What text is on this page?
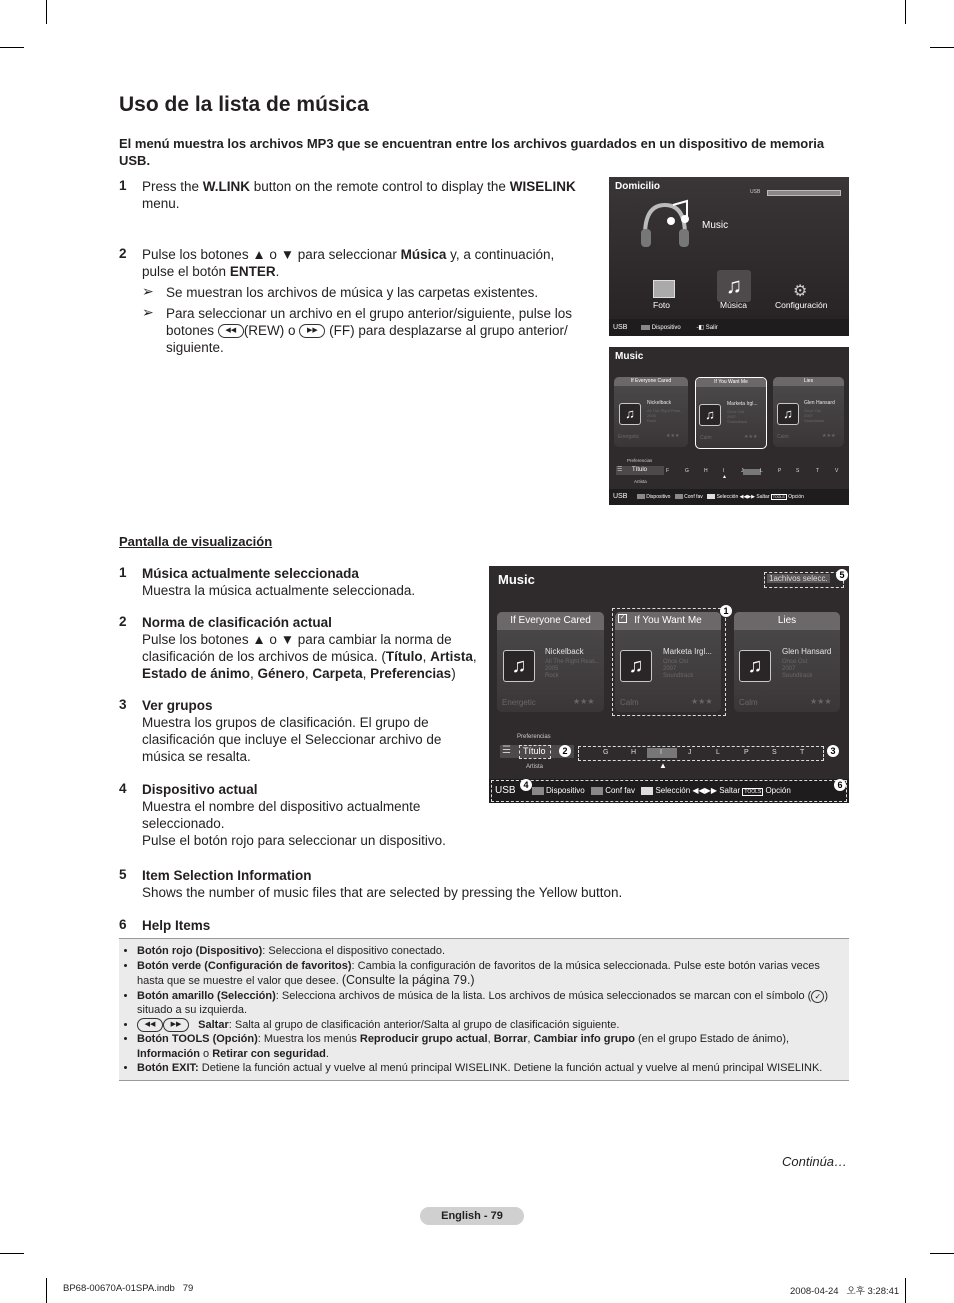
Uso de la lista de música

El menú muestra los archivos MP3 que se encuentran entre los archivos guardados en un dispositivo de memoria USB.

1 Press the W.LINK button on the remote control to display the WISELINK menu.
2 Pulse los botones ▲ o ▼ para seleccionar Música y, a continuación, pulse el botón ENTER.
➢ Se muestran los archivos de música y las carpetas existentes.
➢ Para seleccionar un archivo en el grupo anterior/siguiente, pulse los botones ◀◀ (REW) o ▶▶ (FF) para desplazarse al grupo anterior/ siguiente.
Domicilio	USB
Music
♫	⚙
Foto	Música	Configuración
USB	Dispositivo	-◧ Salir
Music
If Everyone Cared
♫
Nickelback
All The Right Reas..
2005
Rock
Energetic	★★★
If You Want Me
♫
Marketa Irgl...
Once Ost
2007
Soundtrack
Calm	★★★
Lies
♫
Glen Hansard
Once Ost
2007
Soundtrack
Calm	★★★
Preferencias
☰ Título
Artista
F	G	H	I	J	L	P	S	T	V
▲
USB	Dispositivo	Conf fav	Selección ◀◀▶▶ Saltar TOOLS Opción
Pantalla de visualización
1 Música actualmente seleccionada
Muestra la música actualmente seleccionada.
2 Norma de clasificación actual
Pulse los botones ▲ o ▼ para cambiar la norma de
clasificación de los archivos de música. (Título, Artista,
Estado de ánimo, Género, Carpeta, Preferencias)
3 Ver grupos
Muestra los grupos de clasificación. El grupo de
clasificación que incluye el Seleccionar archivo de
música se resalta.
4 Dispositivo actual
Muestra el nombre del dispositivo actualmente
seleccionado.
Pulse el botón rojo para seleccionar un dispositivo.
5 Item Selection Information
Shows the number of music files that are selected by pressing the Yellow button.
6 Help Items
Music	1achivos selecc.
If Everyone Cared
♫
Nickelback
All The Right Reas..
2005
Rock
Energetic	★★★
If You Want Me
✓
♫
Marketa Irgl...
Once Ost
2007
Soundtrack
Calm	★★★
Lies
♫
Glen Hansard
Once Ost
2007
Soundtrack
Calm	★★★
Preferencias
☰ Título
Artista
G	H	I	J	L	P	S	T
▲
USB	Dispositivo	Conf fav	Selección ◀◀▶▶ Saltar TOOLS Opción
1
2	3
4
5
6
• Botón rojo (Dispositivo): Selecciona el dispositivo conectado.
• Botón verde (Configuración de favoritos): Cambia la configuración de favoritos de la música seleccionada. Pulse este botón varias veces hasta que se muestre el valor que desee. (Consulte la página 79.)
• Botón amarillo (Selección): Selecciona archivos de música de la lista. Los archivos de música seleccionados se marcan con el símbolo ( ✓ ) situado a su izquierda.
• ◀◀ ▶▶ Saltar: Salta al grupo de clasificación anterior/Salta al grupo de clasificación siguiente.
• Botón TOOLS (Opción): Muestra los menús Reproducir grupo actual, Borrar, Cambiar info grupo (en el grupo Estado de ánimo), Información o Retirar con seguridad.
• Botón EXIT: Detiene la función actual y vuelve al menú principal WISELINK. Detiene la función actual y vuelve al menú principal WISELINK.
Continúa…
English - 79
BP68-00670A-01SPA.indb   79	2008-04-24   오후 3:28:41
